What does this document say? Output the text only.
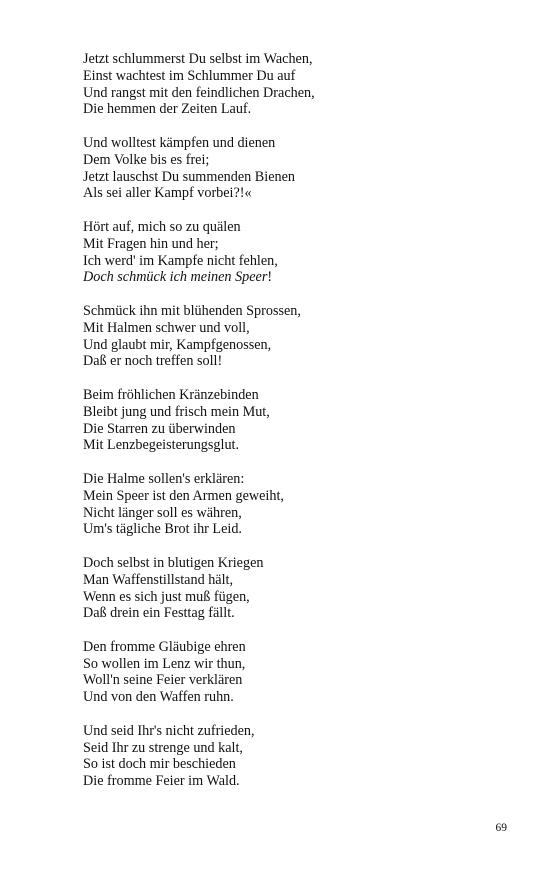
Jetzt schlummerst Du selbst im Wachen,
Einst wachtest im Schlummer Du auf
Und rangst mit den feindlichen Drachen,
Die hemmen der Zeiten Lauf.
Und wolltest kämpfen und dienen
Dem Volke bis es frei;
Jetzt lauschst Du summenden Bienen
Als sei aller Kampf vorbei?!«
Hört auf, mich so zu quälen
Mit Fragen hin und her;
Ich werd' im Kampfe nicht fehlen,
Doch schmück ich meinen Speer!
Schmück ihn mit blühenden Sprossen,
Mit Halmen schwer und voll,
Und glaubt mir, Kampfgenossen,
Daß er noch treffen soll!
Beim fröhlichen Kränzebinden
Bleibt jung und frisch mein Mut,
Die Starren zu überwinden
Mit Lenzbegeisterungsglut.
Die Halme sollen's erklären:
Mein Speer ist den Armen geweiht,
Nicht länger soll es währen,
Um's tägliche Brot ihr Leid.
Doch selbst in blutigen Kriegen
Man Waffenstillstand hält,
Wenn es sich just muß fügen,
Daß drein ein Festtag fällt.
Den fromme Gläubige ehren
So wollen im Lenz wir thun,
Woll'n seine Feier verklären
Und von den Waffen ruhn.
Und seid Ihr's nicht zufrieden,
Seid Ihr zu strenge und kalt,
So ist doch mir beschieden
Die fromme Feier im Wald.
69
